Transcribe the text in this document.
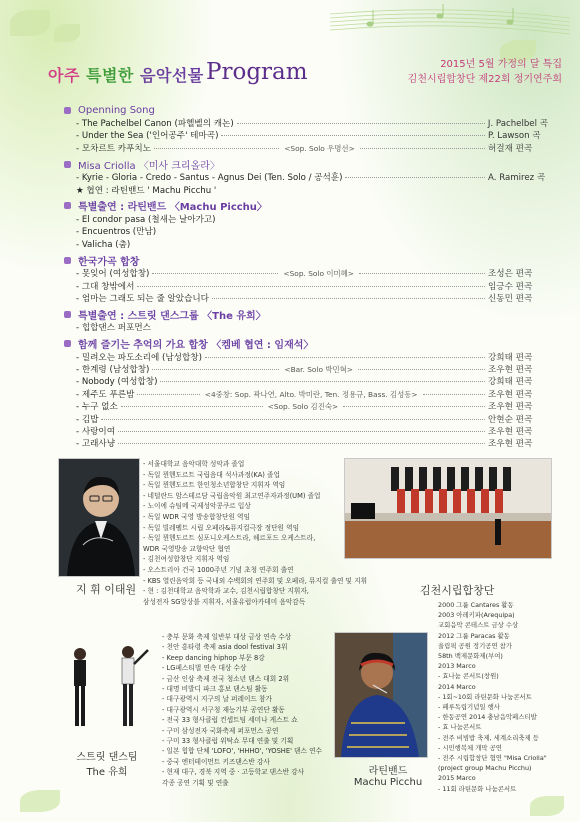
아주 특별한 음악선물 Program	2015년 5월 가정의 달 특집
김천시립합창단 제22회 정기연주회
Openning Song
- The Pachelbel Canon (파헬벨의 캐논)	J. Pachelbel 곡
- Under the Sea ('인어공주' 테마곡)	P. Lawson 곡
- 모차르트 카푸치노	<Sop. Solo 우명선>	허걸재 편곡
Misa Criolla 〈미사 크리올라〉
- Kyrie - Gloria - Credo - Santus - Agnus Dei (Ten. Solo / 공석훈)	A. Ramirez 곡
★ 협연 : 라틴밴드 ' Machu Picchu '
특별출연 : 라틴밴드 〈Machu Picchu〉
- El condor pasa (철새는 날아가고)
- Encuentros (만남)
- Valicha (춤)
한국가곡 합창
- 못잊어 (여성합창)	<Sop. Solo 이미혜>	조성은 편곡
- 그대 창밖에서	임긍수 편곡
- 엄마는 그래도 되는 줄 알았습니다	신동민 편곡
특별출연 : 스트릿 댄스그룹 〈The 유희〉
- 힙합댄스 퍼포먼스
함께 즐기는 추억의 가요 합창 〈켐베 협연 : 임재석〉
- 밀려오는 파도소리에 (남성합창)	강희태 편곡
- 한계령 (남성합창)	<Bar. Solo 박민혁>	조우현 편곡
- Nobody (여성합창)	강희태 편곡
- 제주도 푸른밤	<4중창: Sop. 곽나연, Alto. 박미란, Ten. 정용규, Bass. 김성동>	조우현 편곡
- 누구 없소	<Sop. Solo 김진숙>	조우현 편곡
- 김밥	안현순 편곡
- 사랑이여	조우현 편곡
- 고래사냥	조우현 편곡
지 휘 이태원

- 서울대학교 음악대학 성악과 졸업

- 독일 뮌헨도르트 국립음대 석사과정(KA) 졸업

- 독일 뮌헨도르트 한인청소년합창단 지휘자 역임

- 네덜란드 암스테르담 국립음악원 최고연주자과정(UM) 졸업

- 노이에 슈팀메 국제성악콩쿠르 입상

- 독일 WDR 국영 방송합창단원 역임

- 독일 빌레펠트 시립 오페라&뮤지컬극장 정단원 역임

- 독일 뮌헨도르트 심포니오케스트라, 헤르포드 오케스트라,

WDR 국영방송 교향악단 협연

- 김천여성합창단 지휘자 역임

- 오스트리아 건국 1000주년 기념 초청 연주회 출연

- KBS 열린음악회 등 국내외 수백회의 연주회 및 오페라, 뮤지컬 출연 및 지휘

- 현 : 김천대학교 음악학과 교수, 김천시립합창단 지휘자,

삼성전자 SG앙상블 지휘자, 서울유럽아카데미 음악감독

김천시립합창단
스트릿 댄스팀
The 유희

- 충부 문화 축제 일반부 대상 금상 연속 수상

- 천안 흥타령 축제 asia dool festival 3위

- Keep dancing hiphop 부문 8강

- LG페스티벌 연속 대상 수상

- 금산 인삼 축제 전국 청소년 댄스 대회 2위

- 대명 비발디 파크 홍보 댄스팀 활동

- 대구광역시 지구의 날 퍼레이드 참가

- 대구광역시 서구청 재능기부 공연단 활동

- 전국 33 형사클럽 컨셉트팀 세미나 게스트 쇼

- 구미 삼성전자 국화축제 퍼포먼스 공연

- 구미 33 형사클럽 위탁쇼 무대 연출 및 기획

- 일본 힙합 단체 'LOFO', 'HHHO', 'YOSHE' 댄스 연수

- 중국 엔터테이먼트 키즈댄스반 강사

- 현재 대구, 경북 지역 중 · 고등학교 댄스반 강사

각종 공연 기획 및 연출

라틴밴드
Machu Picchu

2000 그룹 Cantares 활동

2003 아레키파(Arequipa)

교회음악 콘테스트 금상 수상

2012 그룹 Paracas 활동

울림픽 공원 정기공연 참가

58th 백제문화제(부여)

2013 Marco

- 효나눔 콘서트(창원)

2014 Marco

- 1회~10회 라틴문화 나눔콘서트

- 페루독립기념일 행사

- 한동공연 2014 충남음악페스티발

- 효 나눔콘서트

- 전주 비빔밥 축제, 세계소리축제 등

- 시민행복체 개막 공연

- 전주 시립합창단 협연 "Misa Criolla"

(project group Machu Picchu)

2015 Marco

- 11회 라틴문화 나눔콘서트
